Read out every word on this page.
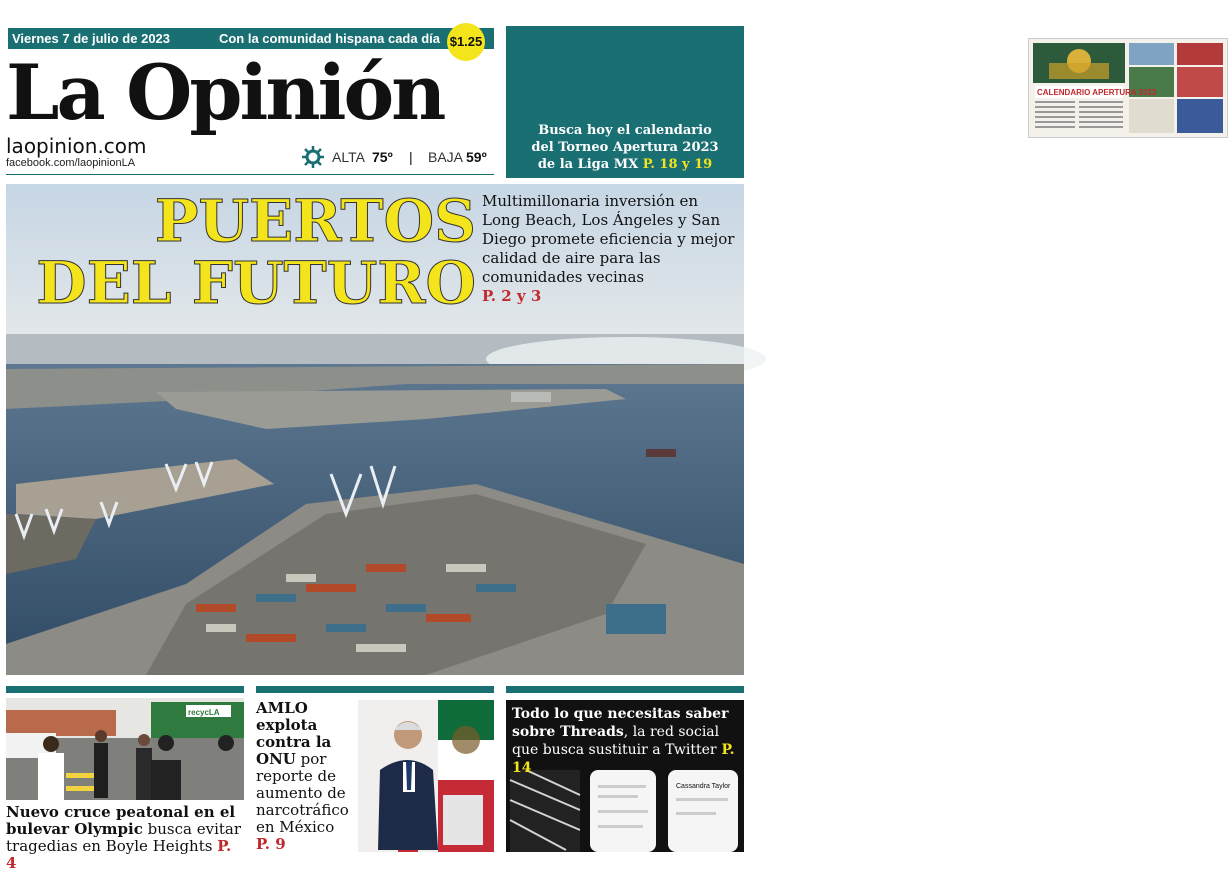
Viernes 7 de julio de 2023	Con la comunidad hispana cada día $1.25
La Opinión
laopinion.com
facebook.com/laopinionLA	ALTA 75º | BAJA 59º
CALENDARIO APERTURA 2023
Busca hoy el calendario
del Torneo Apertura 2023
de la Liga MX P. 18 y 19
PUERTOS
DEL FUTURO
Multimillonaria inversión en Long Beach, Los Ángeles y San Diego promete eficiencia y mejor calidad de aire para las comunidades vecinas
P. 2 y 3
recycLA
Nuevo cruce peatonal en el bulevar Olympic busca evitar tragedias en Boyle Heights P. 4
AMLO explota contra la ONU por reporte de aumento de narcotráfico en México
P. 9
Cassandra Taylor
Todo lo que necesitas saber sobre Threads, la red social que busca sustituir a Twitter P. 14
